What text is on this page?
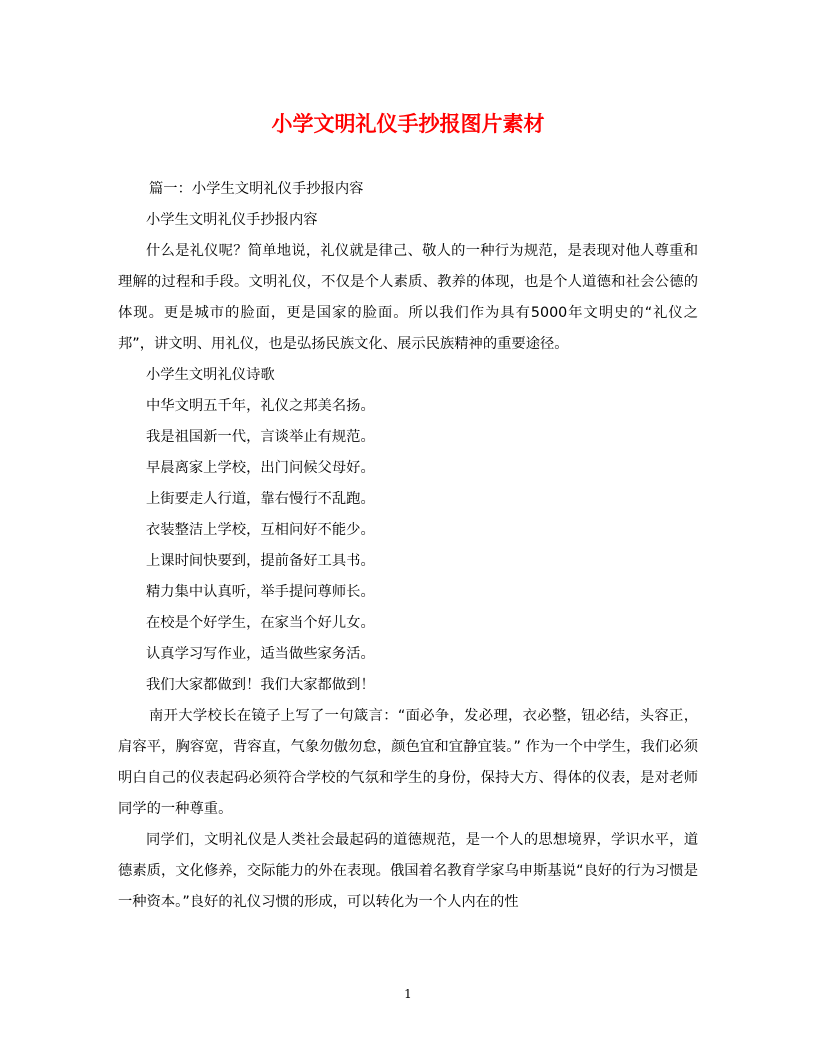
小学文明礼仪手抄报图片素材

篇一：小学生文明礼仪手抄报内容

小学生文明礼仪手抄报内容

什么是礼仪呢？简单地说，礼仪就是律己、敬人的一种行为规范，是表现对他人尊重和理解的过程和手段。文明礼仪，不仅是个人素质、教养的体现，也是个人道德和社会公德的体现。更是城市的脸面，更是国家的脸面。所以我们作为具有5000年文明史的“礼仪之邦”，讲文明、用礼仪，也是弘扬民族文化、展示民族精神的重要途径。

小学生文明礼仪诗歌

中华文明五千年，礼仪之邦美名扬。

我是祖国新一代，言谈举止有规范。

早晨离家上学校，出门问候父母好。

上街要走人行道，靠右慢行不乱跑。

衣装整洁上学校，互相问好不能少。

上课时间快要到，提前备好工具书。

精力集中认真听，举手提问尊师长。

在校是个好学生，在家当个好儿女。

认真学习写作业，适当做些家务活。

我们大家都做到！我们大家都做到！

南开大学校长在镜子上写了一句箴言：“面必争，发必理，衣必整，钮必结，头容正，肩容平，胸容宽，背容直，气象勿傲勿怠，颜色宜和宜静宜装。” 作为一个中学生，我们必须明白自己的仪表起码必须符合学校的气氛和学生的身份，保持大方、得体的仪表，是对老师同学的一种尊重。

同学们，文明礼仪是人类社会最起码的道德规范，是一个人的思想境界，学识水平，道德素质，文化修养，交际能力的外在表现。俄国着名教育学家乌申斯基说“良好的行为习惯是一种资本。”良好的礼仪习惯的形成，可以转化为一个人内在的性

1
